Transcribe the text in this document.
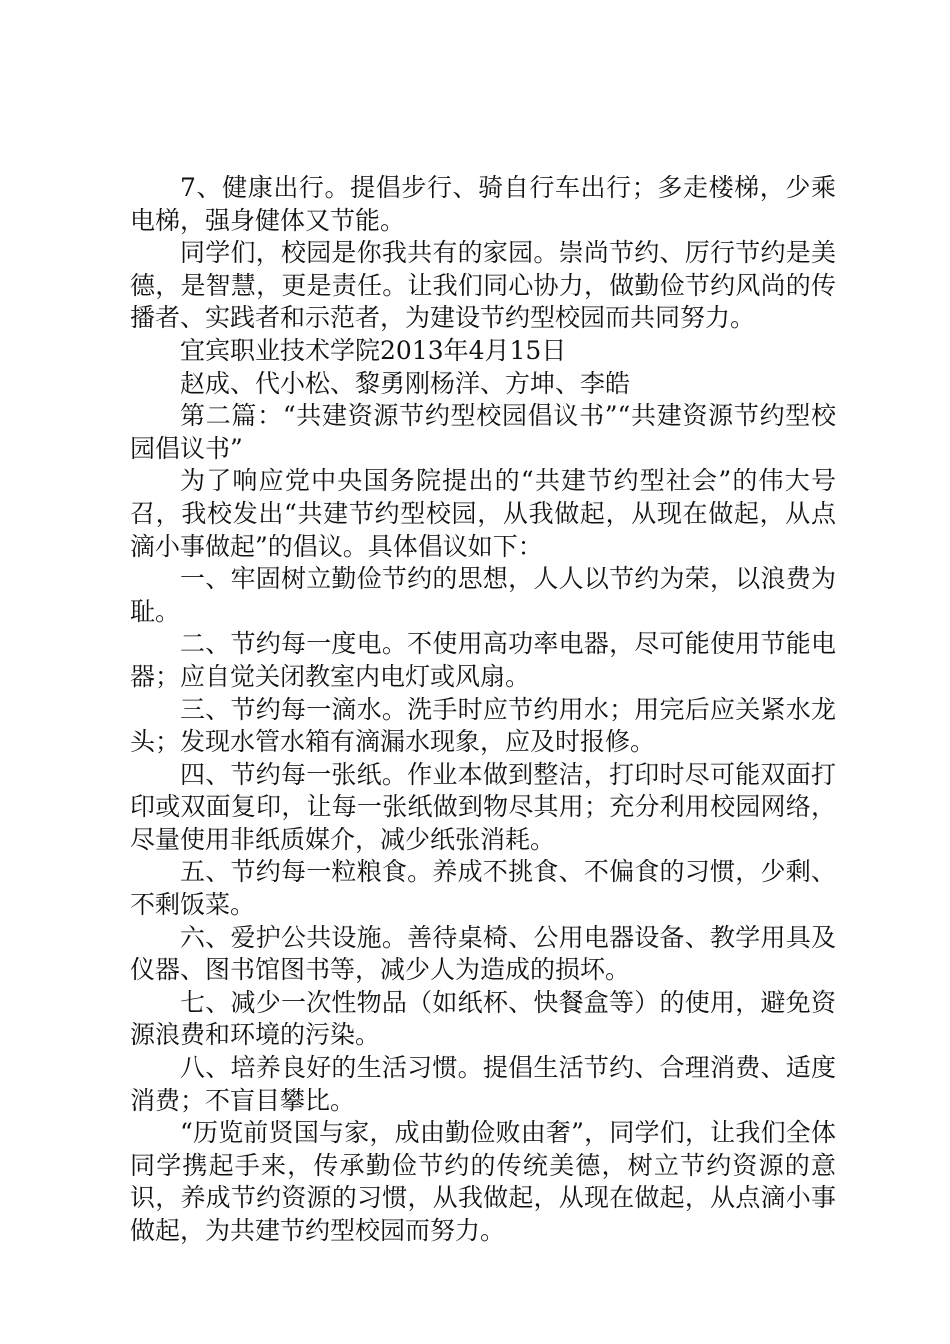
7、健康出行。提倡步行、骑自行车出行；多走楼梯，少乘电梯，强身健体又节能。

同学们，校园是你我共有的家园。崇尚节约、厉行节约是美德，是智慧，更是责任。让我们同心协力，做勤俭节约风尚的传播者、实践者和示范者，为建设节约型校园而共同努力。

宜宾职业技术学院2013年4月15日

赵成、代小松、黎勇刚杨洋、方坤、李皓

第二篇：“共建资源节约型校园倡议书”“共建资源节约型校园倡议书”

为了响应党中央国务院提出的“共建节约型社会”的伟大号召，我校发出“共建节约型校园，从我做起，从现在做起，从点滴小事做起”的倡议。具体倡议如下：

一、牢固树立勤俭节约的思想，人人以节约为荣，以浪费为耻。

二、节约每一度电。不使用高功率电器，尽可能使用节能电器；应自觉关闭教室内电灯或风扇。

三、节约每一滴水。洗手时应节约用水；用完后应关紧水龙头；发现水管水箱有滴漏水现象，应及时报修。

四、节约每一张纸。作业本做到整洁，打印时尽可能双面打印或双面复印，让每一张纸做到物尽其用；充分利用校园网络，尽量使用非纸质媒介，减少纸张消耗。

五、节约每一粒粮食。养成不挑食、不偏食的习惯，少剩、不剩饭菜。

六、爱护公共设施。善待桌椅、公用电器设备、教学用具及仪器、图书馆图书等，减少人为造成的损坏。

七、减少一次性物品（如纸杯、快餐盒等）的使用，避免资源浪费和环境的污染。

八、培养良好的生活习惯。提倡生活节约、合理消费、适度消费；不盲目攀比。

“历览前贤国与家，成由勤俭败由奢”，同学们，让我们全体同学携起手来，传承勤俭节约的传统美德，树立节约资源的意识，养成节约资源的习惯，从我做起，从现在做起，从点滴小事做起，为共建节约型校园而努力。
